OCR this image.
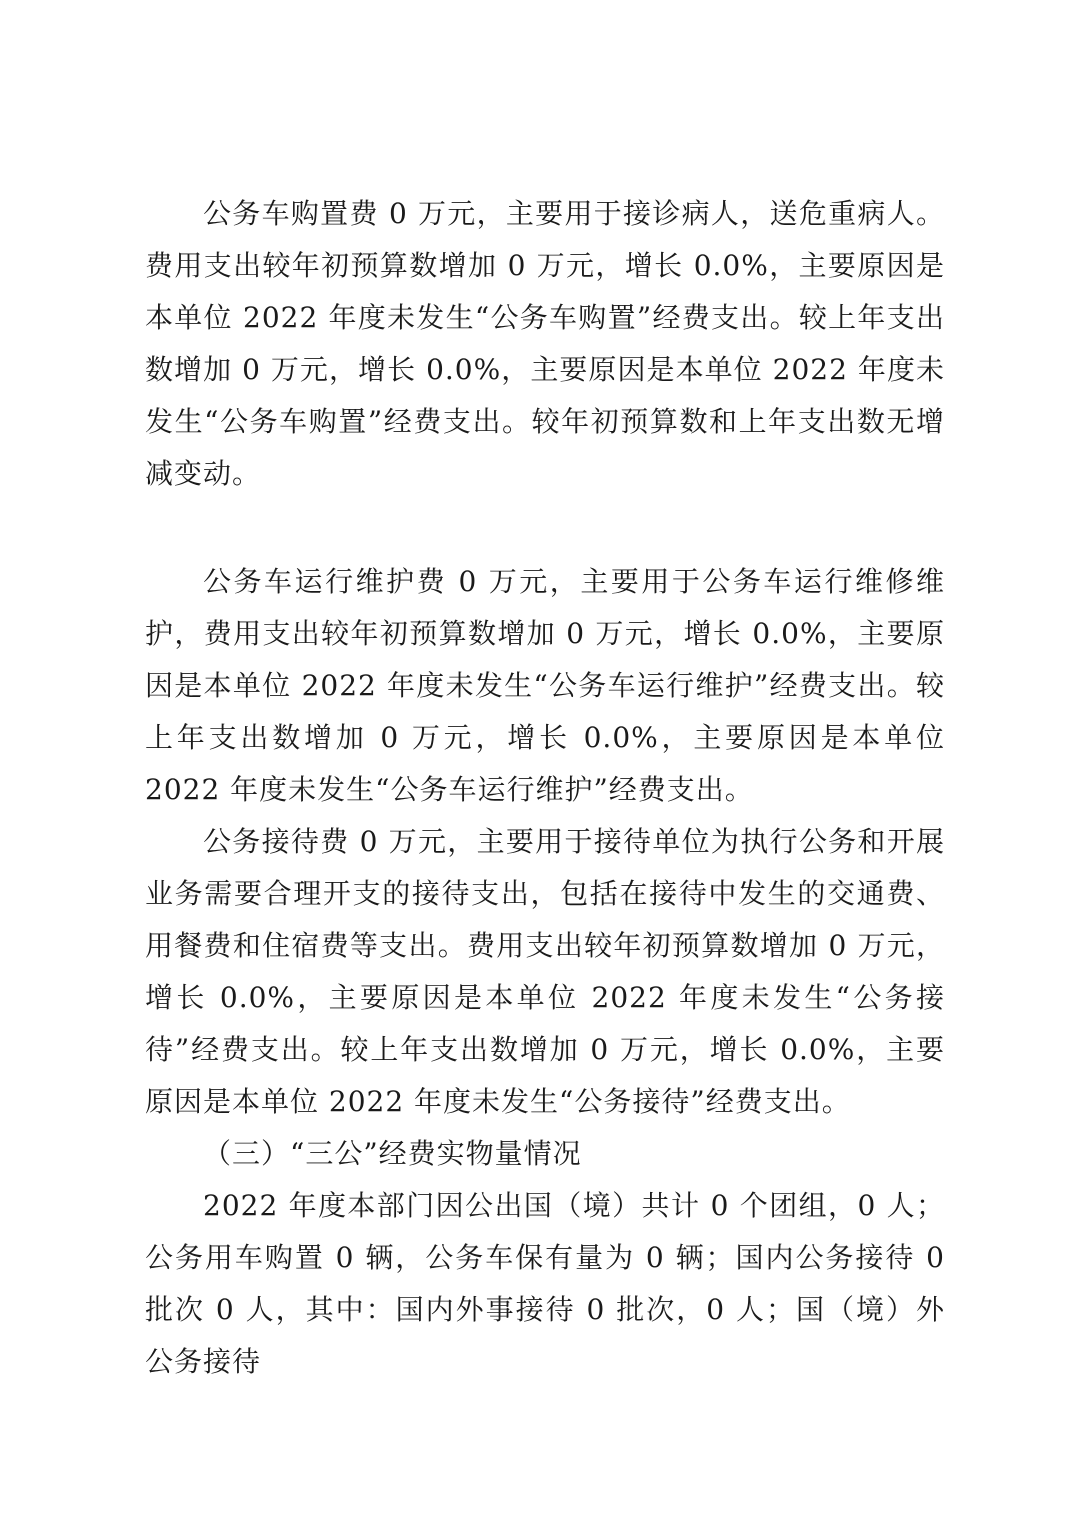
公务车购置费 0 万元，主要用于接诊病人，送危重病人。费用支出较年初预算数增加 0 万元，增长 0.0%，主要原因是本单位 2022 年度未发生“公务车购置”经费支出。较上年支出数增加 0 万元，增长 0.0%，主要原因是本单位 2022 年度未发生“公务车购置”经费支出。较年初预算数和上年支出数无增减变动。

公务车运行维护费 0 万元，主要用于公务车运行维修维护，费用支出较年初预算数增加 0 万元，增长 0.0%，主要原因是本单位 2022 年度未发生“公务车运行维护”经费支出。较上年支出数增加 0 万元，增长 0.0%，主要原因是本单位 2022 年度未发生“公务车运行维护”经费支出。

公务接待费 0 万元，主要用于接待单位为执行公务和开展业务需要合理开支的接待支出，包括在接待中发生的交通费、用餐费和住宿费等支出。费用支出较年初预算数增加 0 万元，增长 0.0%，主要原因是本单位 2022 年度未发生“公务接待”经费支出。较上年支出数增加 0 万元，增长 0.0%，主要原因是本单位 2022 年度未发生“公务接待”经费支出。

（三）“三公”经费实物量情况

2022 年度本部门因公出国（境）共计 0 个团组，0 人；公务用车购置 0 辆，公务车保有量为 0 辆；国内公务接待 0 批次 0 人，其中：国内外事接待 0 批次，0 人；国（境）外公务接待
